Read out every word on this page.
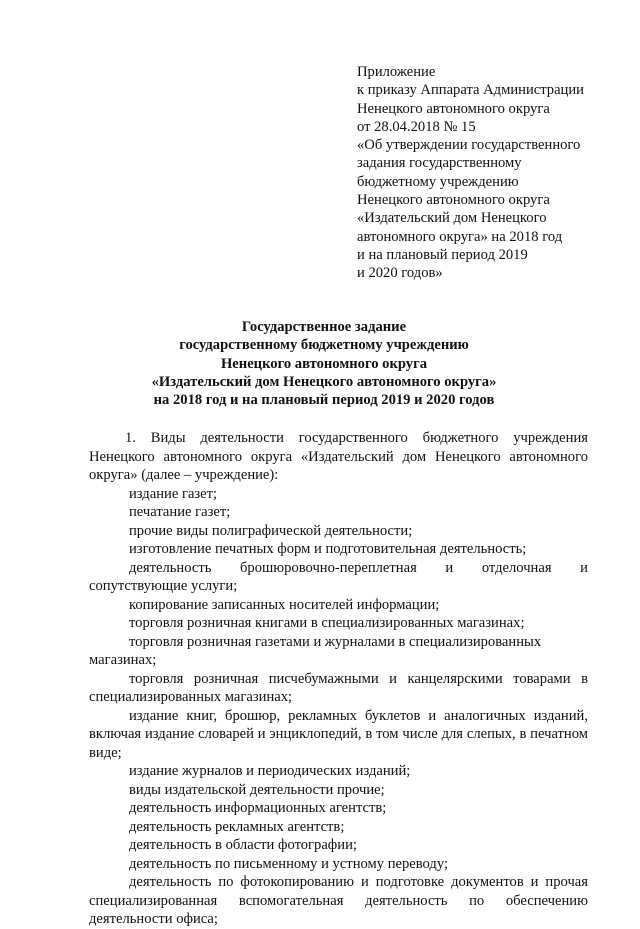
Приложение
к приказу Аппарата Администрации
Ненецкого автономного округа
от 28.04.2018 № 15
«Об утверждении государственного
задания государственному
бюджетному учреждению
Ненецкого автономного округа
«Издательский дом Ненецкого
автономного округа» на 2018 год
и на плановый период 2019
и 2020 годов»
Государственное задание
государственному бюджетному учреждению
Ненецкого автономного округа
«Издательский дом Ненецкого автономного округа»
на 2018 год и на плановый период 2019 и 2020 годов

1. Виды деятельности государственного бюджетного учреждения Ненецкого автономного округа «Издательский дом Ненецкого автономного округа» (далее – учреждение):

издание газет;

печатание газет;

прочие виды полиграфической деятельности;

изготовление печатных форм и подготовительная деятельность;

деятельность брошюровочно-переплетная и отделочная и сопутствующие услуги;

копирование записанных носителей информации;

торговля розничная книгами в специализированных магазинах;

торговля розничная газетами и журналами в специализированных магазинах;

торговля розничная писчебумажными и канцелярскими товарами в специализированных магазинах;

издание книг, брошюр, рекламных буклетов и аналогичных изданий, включая издание словарей и энциклопедий, в том числе для слепых, в печатном виде;

издание журналов и периодических изданий;

виды издательской деятельности прочие;

деятельность информационных агентств;

деятельность рекламных агентств;

деятельность в области фотографии;

деятельность по письменному и устному переводу;

деятельность по фотокопированию и подготовке документов и прочая специализированная вспомогательная деятельность по обеспечению деятельности офиса;
